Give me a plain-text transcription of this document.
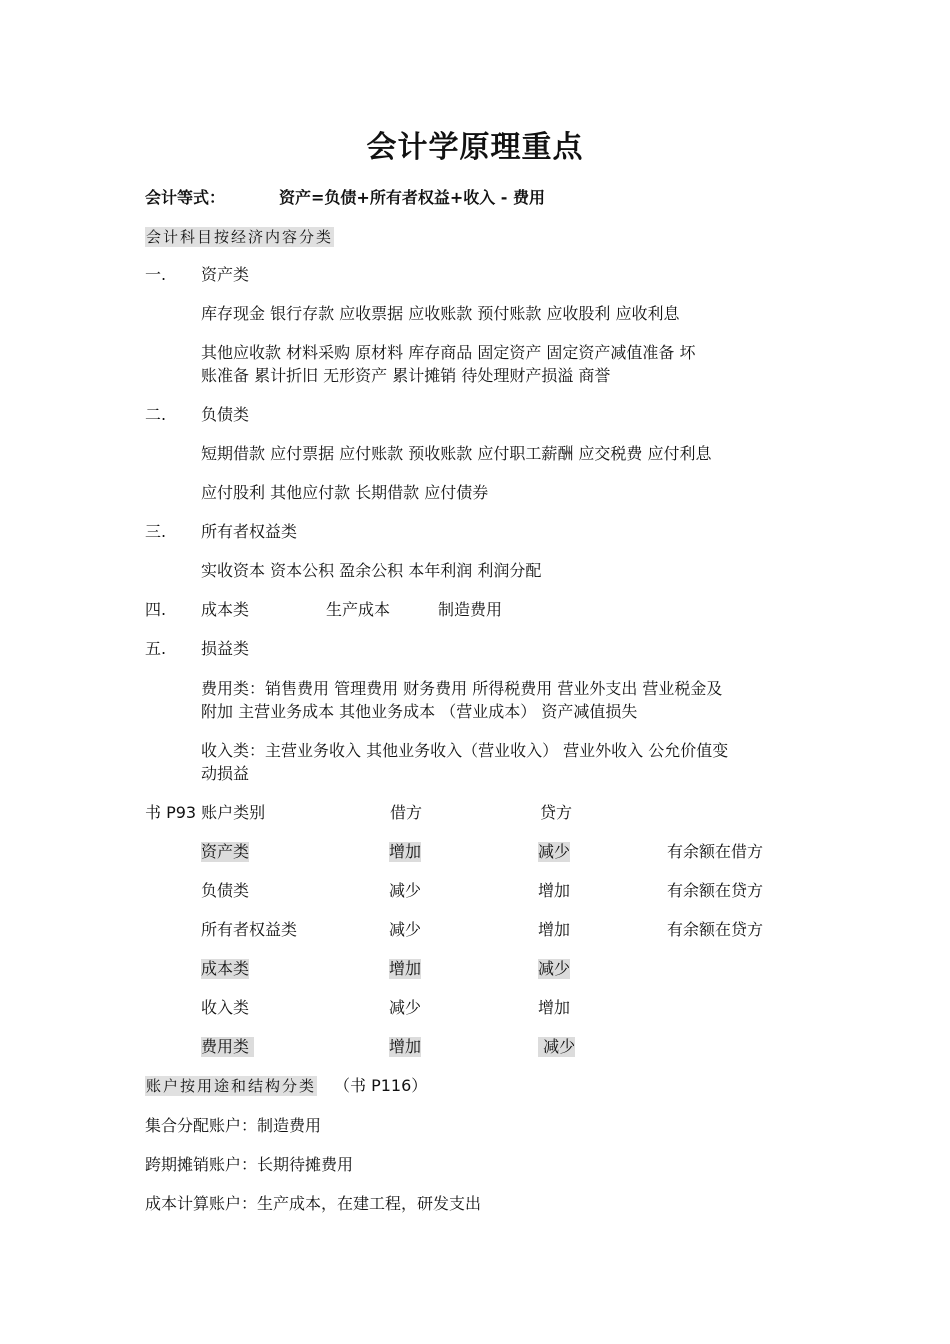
会计学原理重点
会计等式：	资产=负债+所有者权益+收入 - 费用
会计科目按经济内容分类
一. 资产类
库存现金 银行存款 应收票据 应收账款 预付账款 应收股利 应收利息
其他应收款 材料采购 原材料 库存商品 固定资产 固定资产减值准备 坏
账准备 累计折旧 无形资产 累计摊销 待处理财产损溢 商誉
二. 负债类
短期借款 应付票据 应付账款 预收账款 应付职工薪酬 应交税费 应付利息
应付股利 其他应付款 长期借款 应付债券
三. 所有者权益类
实收资本 资本公积 盈余公积 本年利润 利润分配
四. 成本类	生产成本	制造费用
五. 损益类
费用类：销售费用 管理费用 财务费用 所得税费用 营业外支出 营业税金及
附加 主营业务成本 其他业务成本 （营业成本） 资产减值损失
收入类：主营业务收入 其他业务收入（营业收入） 营业外收入 公允价值变
动损益
书 P93 账户类别	借方	贷方
资产类	增加	减少	有余额在借方
负债类	减少	增加	有余额在贷方
所有者权益类	减少	增加	有余额在贷方
成本类	增加	减少
收入类	减少	增加
费用类	增加	减少
账户按用途和结构分类 （书 P116）
集合分配账户：制造费用
跨期摊销账户：长期待摊费用
成本计算账户：生产成本，在建工程，研发支出
